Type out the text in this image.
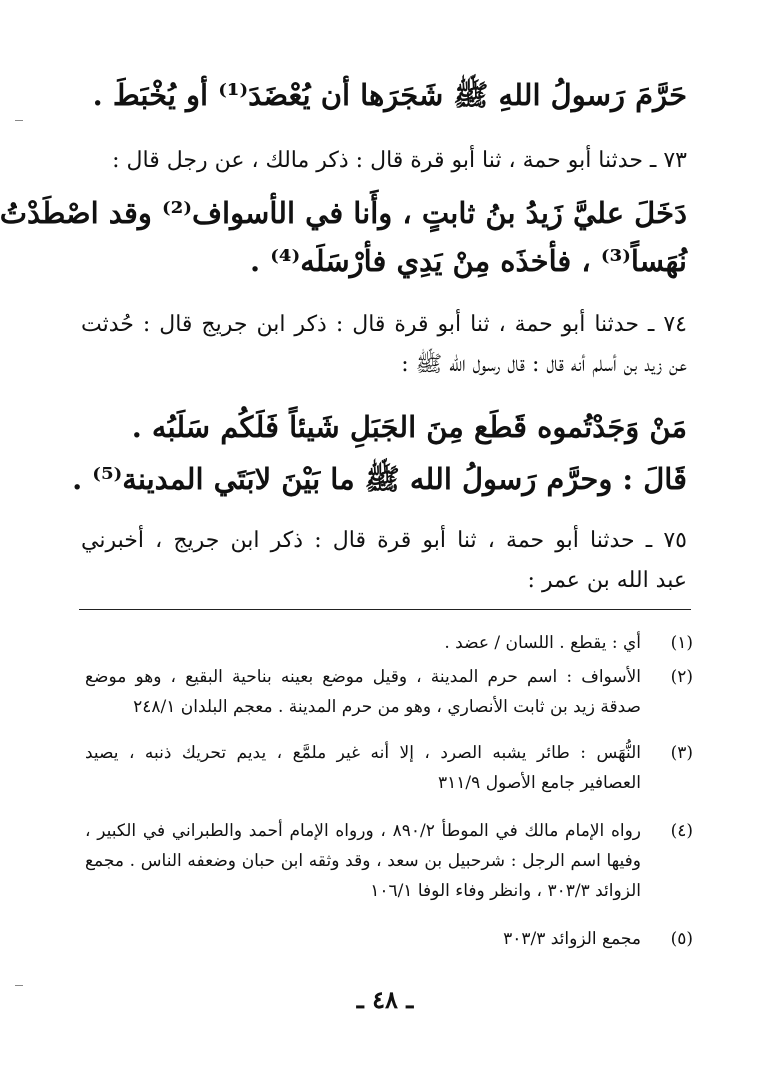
حَرَّمَ رَسولُ اللهِ ﷺ شَجَرَها أن يُعْضَدَ⁽¹⁾ أو يُخْبَطَ .
٧٣ ـ حدثنا أبو حمة ، ثنا أبو قرة قال : ذكر مالك ، عن رجل قال :
دَخَلَ عليَّ زَيدُ بنُ ثابتٍ ، وأَنا في الأسواف⁽²⁾ وقد اصْطَدْتُ
نُهَساً⁽³⁾ ، فأخذَه مِنْ يَدِي فأرْسَلَه⁽⁴⁾ .
٧٤ ـ حدثنا أبو حمة ، ثنا أبو قرة قال : ذكر ابن جريج قال : حُدثت
عن زيد بن أسلم أنه قال : قال رسول الله ﷺ :
مَنْ وَجَدْتُموه قَطَع مِنَ الجَبَلِ شَيئاً فَلَكُم سَلَبُه .
قَالَ : وحرَّم رَسولُ الله ﷺ ما بَيْنَ لابَتَي المدينة⁽⁵⁾ .
٧٥ ـ حدثنا أبو حمة ، ثنا أبو قرة قال : ذكر ابن جريج ، أخبرني
عبد الله بن عمر :
(١)
أي : يقطع . اللسان / عضد .
(٢)
الأسواف : اسم حرم المدينة ، وقيل موضع بعينه بناحية البقيع ، وهو موضع
صدقة زيد بن ثابت الأنصاري ، وهو من حرم المدينة . معجم البلدان ٢٤٨/١
(٣)
النُّهَس : طائر يشبه الصرد ، إلا أنه غير ملمَّع ، يديم تحريك ذنبه ، يصيد
العصافير جامع الأصول ٣١١/٩
(٤)
رواه الإمام مالك في الموطأ ٨٩٠/٢ ، ورواه الإمام أحمد والطبراني في الكبير ،
وفيها اسم الرجل : شرحبيل بن سعد ، وقد وثقه ابن حبان وضعفه الناس . مجمع
الزوائد ٣٠٣/٣ ، وانظر وفاء الوفا ١٠٦/١
(٥)
مجمع الزوائد ٣٠٣/٣
ـ ٤٨ ـ
